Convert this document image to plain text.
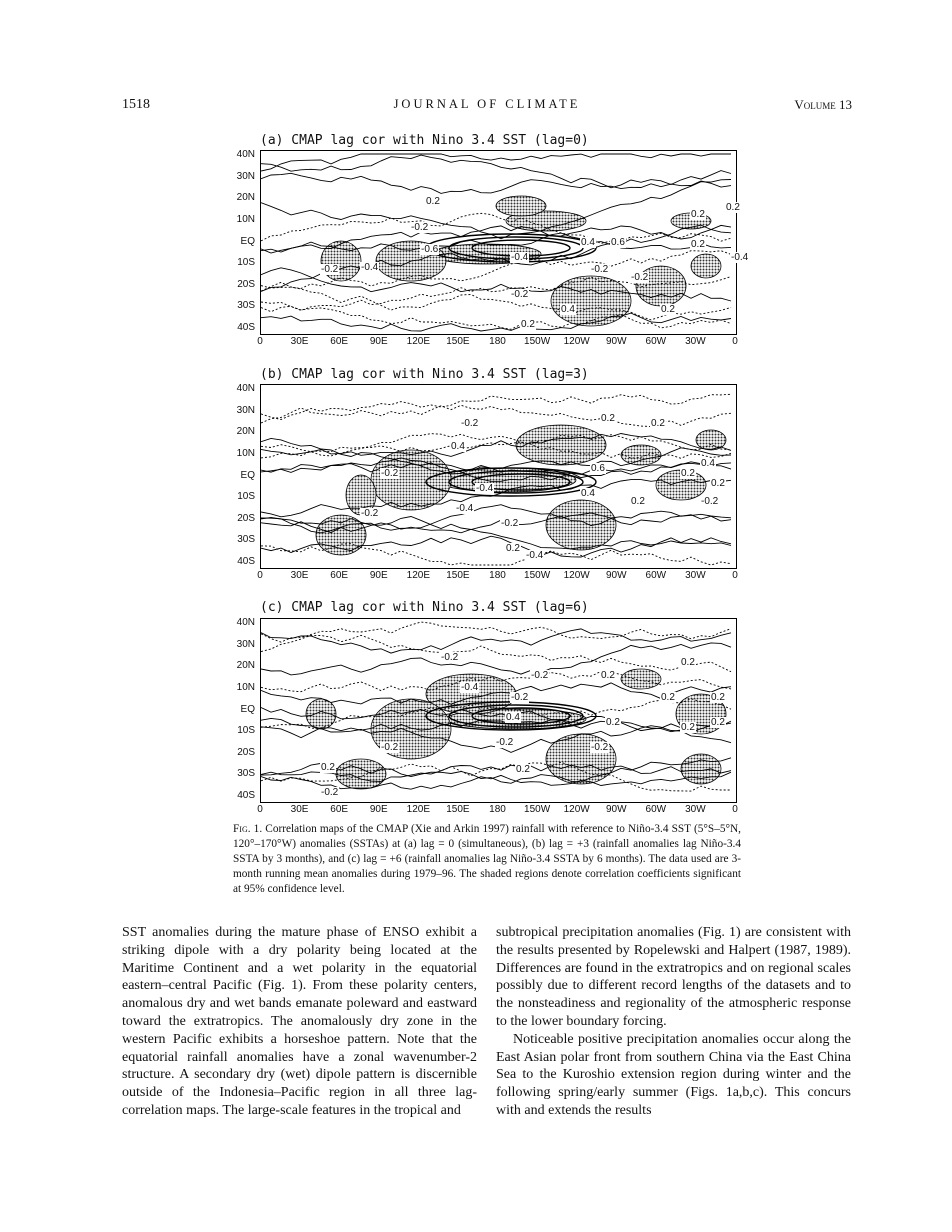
1518	JOURNAL OF CLIMATE	Volume 13
(a) CMAP lag cor with Nino 3.4 SST (lag=0)
40N
30N
20N
10N
EQ
10S
20S
30S
40S
0	30E 60E 90E 120E 150E 180 150W 120W 90W 60W 30W	0
0.2
-0.2
-0.6
0.4 0.6
-0.2
-0.2
0.2
-0.4
0.2
0.4
-0.4
0.2
-0.4
-0.2
0.2
0.2
-0.2
(b) CMAP lag cor with Nino 3.4 SST (lag=3)
40N
30N
20N
10N
EQ
10S
20S
30S
40S
0	30E 60E 90E 120E 150E 180 150W 120W 90W 60W 30W	0
-0.2	0.2
0.4
-0.2
-0.4
0.6
0.4
-0.4
-0.2
0.2	-0.2
0.2
0.2
-0.4
0.2
0.2
-0.2
0.4
(c) CMAP lag cor with Nino 3.4 SST (lag=6)
40N
30N
20N
10N
EQ
10S
20S
30S
40S
0	30E 60E 90E 120E 150E 180 150W 120W 90W 60W 30W	0
-0.2
-0.4
0.2
-0.2
0.4	0.2
-0.2
0.2
-0.2
0.2 0.2
0.2
-0.2
0.2
0.2
-0.2
-0.2
0.2
Fig. 1. Correlation maps of the CMAP (Xie and Arkin 1997) rainfall with reference to Niño-3.4 SST (5°S–5°N, 120°–170°W) anomalies (SSTAs) at (a) lag = 0 (simultaneous), (b) lag = +3 (rainfall anomalies lag Niño-3.4 SSTA by 3 months), and (c) lag = +6 (rainfall anomalies lag Niño-3.4 SSTA by 6 months). The data used are 3-month running mean anomalies during 1979–96. The shaded regions denote correlation coefficients significant at 95% confidence level.

SST anomalies during the mature phase of ENSO exhibit a striking dipole with a dry polarity being located at the Maritime Continent and a wet polarity in the equatorial eastern–central Pacific (Fig. 1). From these polarity centers, anomalous dry and wet bands emanate poleward and eastward toward the extratropics. The anomalously dry zone in the western Pacific exhibits a horseshoe pattern. Note that the equatorial rainfall anomalies have a zonal wavenumber-2 structure. A secondary dry (wet) dipole pattern is discernible outside of the Indonesia–Pacific region in all three lag-correlation maps. The large-scale features in the tropical and

subtropical precipitation anomalies (Fig. 1) are consistent with the results presented by Ropelewski and Halpert (1987, 1989). Differences are found in the extratropics and on regional scales possibly due to different record lengths of the datasets and to the nonsteadiness and regionality of the atmospheric response to the lower boundary forcing.

Noticeable positive precipitation anomalies occur along the East Asian polar front from southern China via the East China Sea to the Kuroshio extension region during winter and the following spring/early summer (Figs. 1a,b,c). This concurs with and extends the results
